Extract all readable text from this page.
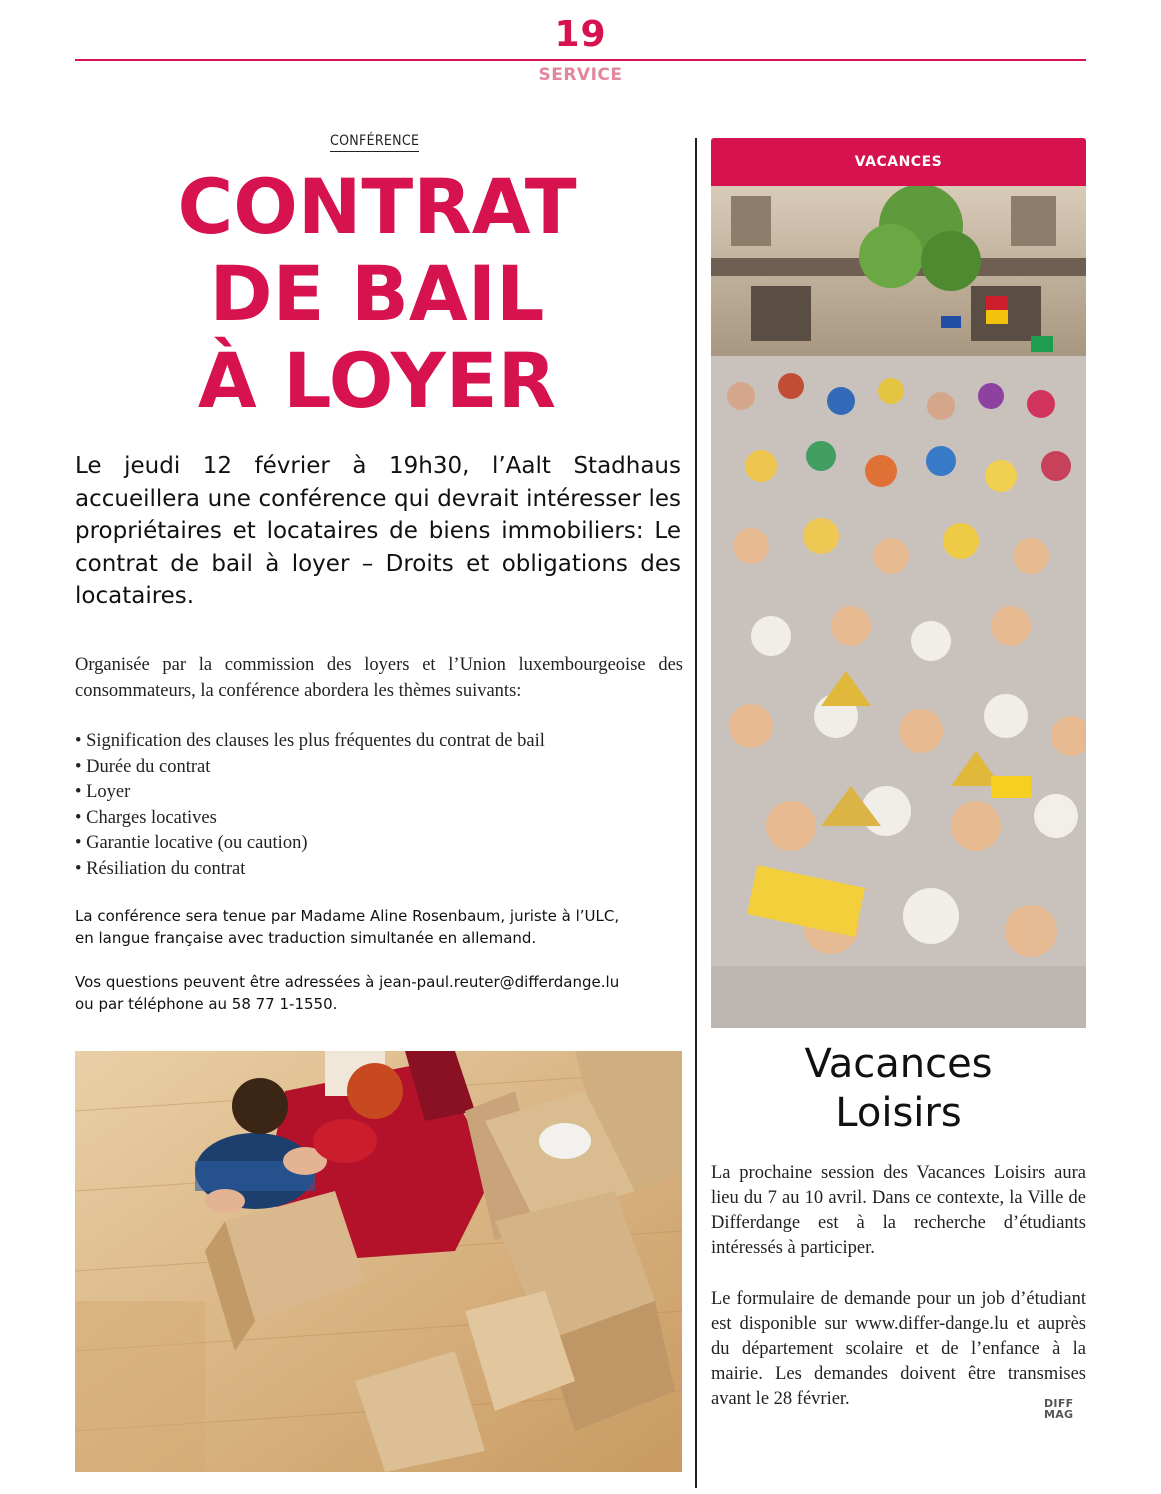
19
SERVICE
CONFÉRENCE
CONTRAT
DE BAIL
À LOYER
Le jeudi 12 février à 19h30, l’Aalt Stadhaus accueillera une conférence qui devrait intéresser les propriétaires et locataires de biens immobiliers: Le contrat de bail à loyer – Droits et obligations des locataires.
Organisée par la commission des loyers et l’Union luxembourgeoise des consommateurs, la conférence abordera les thèmes suivants:
• Signification des clauses les plus fréquentes du contrat de bail
• Durée du contrat
• Loyer
• Charges locatives
• Garantie locative (ou caution)
• Résiliation du contrat
La conférence sera tenue par Madame Aline Rosenbaum, juriste à l’ULC,
en langue française avec traduction simultanée en allemand.
Vos questions peuvent être adressées à jean-paul.reuter@differdange.lu
ou par téléphone au 58 77 1-1550.
VACANCES
Vacances
Loisirs
La prochaine session des Vacances Loisirs aura lieu du 7 au 10 avril. Dans ce contexte, la Ville de Differdange est à la recherche d’étudiants intéressés à participer.
Le formulaire de demande pour un job d’étudiant est disponible sur www.differ-dange.lu et auprès du département scolaire et de l’enfance à la mairie. Les demandes doivent être transmises avant le 28 février.	DIFF
MAG
